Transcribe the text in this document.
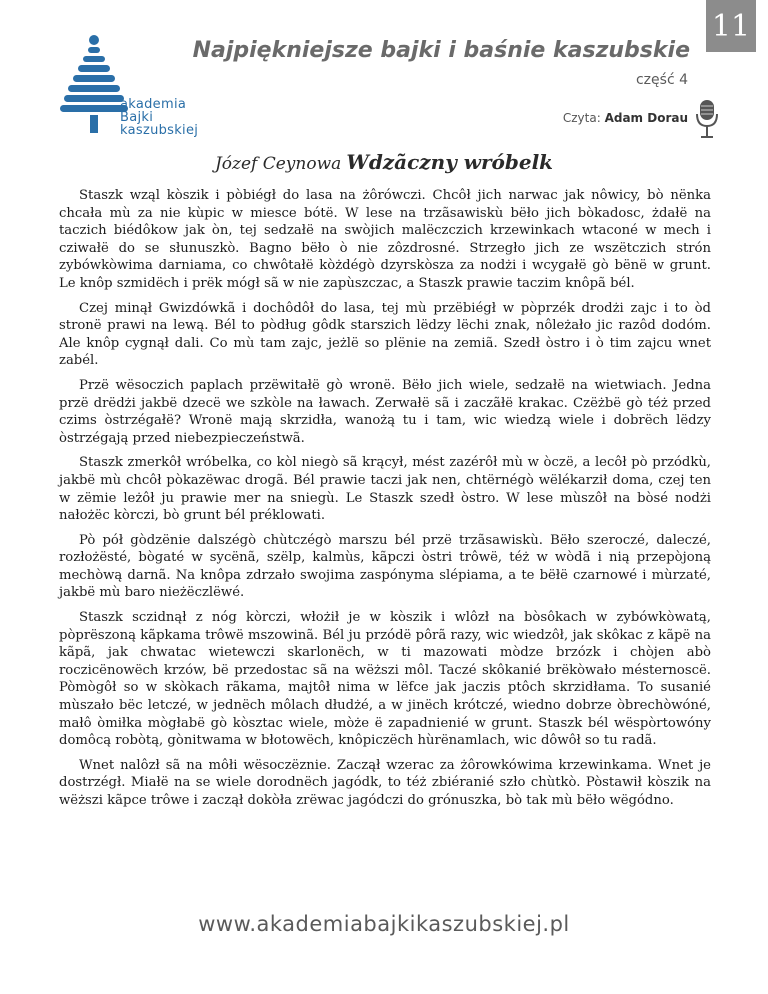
11
Najpiękniejsze bajki i baśnie kaszubskie
część 4
Czyta: Adam Dorau
akademia
Bajki
kaszubskiej
Józef Ceynowa Wdzãczny wróbelk

Staszk wząl kòszik i pòbiégł do lasa na żôrówczi. Chcôł jich narwac jak nôwicy, bò nënka chcała mù za nie kùpic w miesce bótë. W lese na trzãsawiskù bëło jich bòkadosc, żdałë na taczich biédôkow jak òn, tej sedzałë na swòjich malëczczich krzewinkach wtaconé w mech i cziwałë do se słunuszkò. Bagno bëło ò nie zôzdrosné. Strzegło jich ze wszëtczich strón zybówkòwima darniama, co chwôtałë kòżdégò dzyrskòsza za nodżi i wcygałë gò bënë w grunt. Le knôp szmidëch i prëk mógł sã w nie zapùszczac, a Staszk prawie taczim knôpã bél.

Czej minął Gwizdówkã i dochôdôł do lasa, tej mù przëbiégł w pòprzék drodżi zajc i to òd stronë prawi na lewą. Bél to pòdług gôdk starszich lëdzy lëchi znak, nôleżało jic razôd dodóm. Ale knôp cygnął dali. Co mù tam zajc, jeżlë so plënie na zemiã. Szedł òstro i ò tim zajcu wnet zabél.

Przë wësoczich paplach przëwitałë gò wronë. Bëło jich wiele, sedzałë na wietwiach. Jedna przë drëdżi jakbë dzecë we szkòle na ławach. Zerwałë sã i zaczãłë krakac. Czëżbë gò téż przed czims òstrzégałë? Wronë mają skrzidła, wanożą tu i tam, wic wiedzą wiele i dobrëch lëdzy òstrzégają przed niebezpieczeństwã.

Staszk zmerkôł wróbelka, co kòl niegò sã krącył, mést zazérôł mù w òczë, a lecôł pò przódkù, jakbë mù chcôł pòkazëwac drogã. Bél prawie taczi jak nen, chtërnégò wëlékarził doma, czej ten w zëmie leżôł ju prawie mer na sniegù. Le Staszk szedł òstro. W lese mùszôł na bòsé nodżi nałożëc kòrczi, bò grunt bél préklowati.

Pò pół gòdzënie dalszégò chùtczégò marszu bél przë trzãsawiskù. Bëło szeroczé, daleczé, rozłożësté, bògaté w sycënã, szëlp, kalmùs, kãpczi òstri trôwë, téż w wòdã i nią przepòjoną mechòwą darnã. Na knôpa zdrzało swojima zaspónyma slépiama, a te bëłë czarnowé i mùrzaté, jakbë mù baro nieżëczlëwé.

Staszk sczidnął z nóg kòrczi, włożił je w kòszik i wlôzł na bòsôkach w zybówkòwatą, pòprëszoną kãpkama trôwë mszowinã. Bél ju przódë pôrã razy, wic wiedzôł, jak skôkac z kãpë na kãpã, jak chwatac wietewczi skarlonëch, w ti mazowati mòdze brzózk i chòjen abò roczicënowëch krzów, bë przedostac sã na wëższi môl. Taczé skôkanié brëkòwało mésternoscë. Pòmògôł so w skòkach rãkama, majtôł nima w lëfce jak jaczis ptôch skrzidłama. To susanié mùszało bëc letczé, w jednëch môlach dłudżé, a w jinëch krótczé, wiedno dobrze òbrechòwóné, małô òmiłka mògłabë gò kòsztac wiele, mòże ë zapadnienié w grunt. Staszk bél wëspòrtowóny domôcą robòtą, gònitwama w błotowëch, knôpiczëch hùrënamlach, wic dôwôł so tu radã.

Wnet nalôzł sã na môłi wësoczëznie. Zaczął wzerac za żôrowkówima krzewinkama. Wnet je dostrzégł. Miałë na se wiele dorodnëch jagódk, to téż zbiéranié szło chùtkò. Pòstawił kòszik na wëższi kãpce trôwe i zaczął dokòła zrëwac jagódczi do grónuszka, bò tak mù bëło wëgódno.

www.akademiabajkikaszubskiej.pl
